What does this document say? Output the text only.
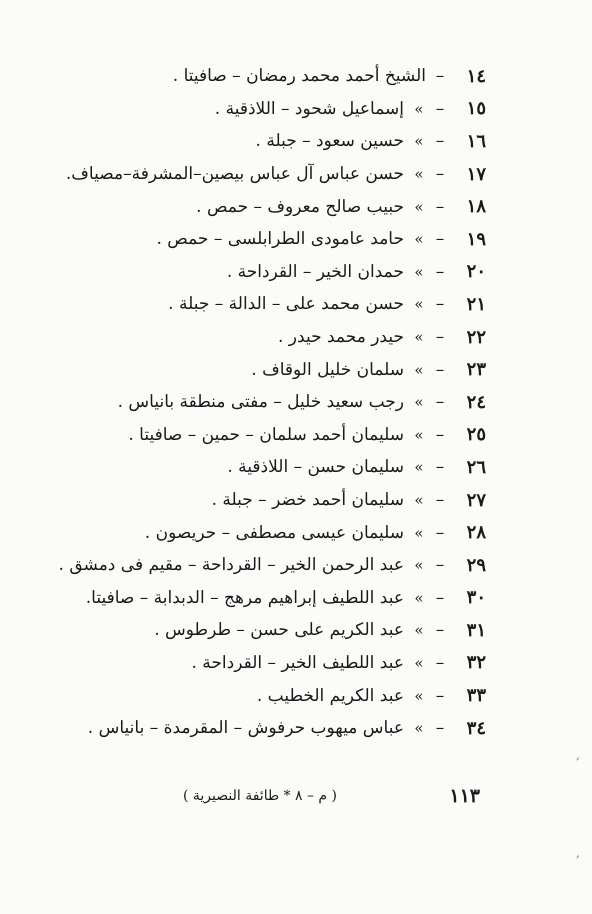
١٤
–
الشيخ أحمد محمد رمضان – صافيتا .
١٥
–
»
إسماعيل شحود – اللاذقية .
١٦
–
»
حسين سعود – جبلة .
١٧
–
»
حسن عباس آل عباس بيصين–المشرفة–مصياف.
١٨
–
»
حبيب صالح معروف – حمص .
١٩
–
»
حامد عامودى الطرابلسى – حمص .
٢٠
–
»
حمدان الخير – القرداحة .
٢١
–
»
حسن محمد على – الدالة – جبلة .
٢٢
–
»
حيدر محمد حيدر .
٢٣
–
»
سلمان خليل الوقاف .
٢٤
–
»
رجب سعيد خليل – مفتى منطقة بانياس .
٢٥
–
»
سليمان أحمد سلمان – حمين – صافيتا .
٢٦
–
»
سليمان حسن – اللاذقية .
٢٧
–
»
سليمان أحمد خضر – جبلة .
٢٨
–
»
سليمان عيسى مصطفى – حريصون .
٢٩
–
»
عبد الرحمن الخير – القرداحة – مقيم فى دمشق .
٣٠
–
»
عبد اللطيف إبراهيم مرهج – الدبدابة – صافيتا.
٣١
–
»
عبد الكريم على حسن – طرطوس .
٣٢
–
»
عبد اللطيف الخير – القرداحة .
٣٣
–
»
عبد الكريم الخطيب .
٣٤
–
»
عباس ميهوب حرفوش – المقرمدة – بانياس .
١١٣
( م – ٨ * طائفة النصيرية )
,
,
